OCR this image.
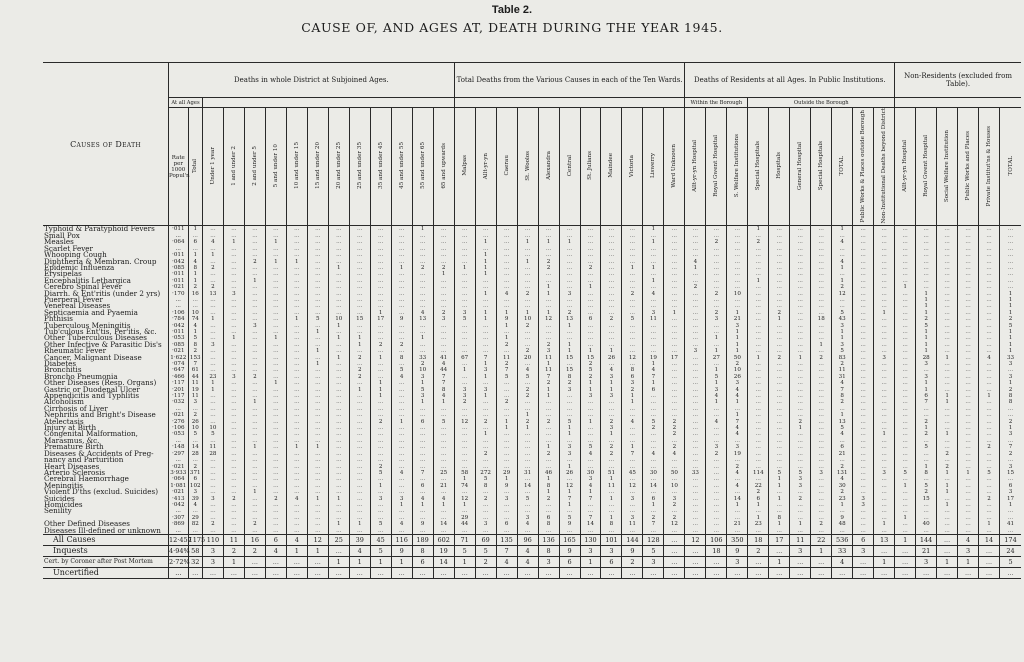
Table 2.
CAUSE OF, AND AGES AT, DEATH DURING THE YEAR 1945.
Causes of Death	Deaths in whole District at Subjoined Ages.														Total Deaths from the Various Causes in each of the Ten Wards.											Deaths of Residents at all Ages. In Public Institutions.										Non-Residents (excluded from Table).					
	At all Ages																									Within the Borough			Outside the Borough												
	Rate per 1000 Popul'n	Total	Under 1 year	1 and under 2	2 and under 5	5 and under 10	10 and under 15	15 and under 20	20 and under 25	25 and under 35	35 and under 45	45 and under 55	55 and under 65	65 and upwards	Malpas	Allt-yr-yn	Caerau	St. Woolos	Alexandra	Central	St. Julians	Maindee	Victoria	Liswerry	Ward Unknown	Allt-yr-yn Hospital	Royal Gwent Hospital	S. Welfare Institutions	Special Hospitals	Hospitals	General Hospital	Special Hospitals	TOTAL	Public Works & Places outside Borough	Non-Institutional Deaths beyond District	Allt-yr-yn Hospital	Royal Gwent Hospital	Social Welfare Institution	Public Works and Places	Private Institut'ns & Houses	TOTAL
Typhoid & Paratyphoid Fevers	·011	1	...	...	...	...	...	...	...	...	...	...	1	...	...	...	...	...	...	...	...	...	...	1	...	...	...	...	1	...	...	...	1	...	...	...	...	...	...	...	...
Small Pox	...	...	...	...	...	...	...	...	...	...	...	...	...	...	...	...	...	...	...	...	...	...	...	...	...	...	...	...	...	...	...	...	...	...	...	...	...	...	...	...	...
Measles	·064	6	4	1	...	1	...	...	...	...	...	...	...	...	...	1	...	1	1	1	...	...	...	1	...	...	2	...	2	...	...	...	4	...	...	...	...	...	...	...	...
Scarlet Fever	...	...	...	...	...	...	...	...	...	...	...	...	...	...	...	...	...	...	...	...	...	...	...	...	...	...	...	...	...	...	...	...	...	...	...	...	...	...	...	...	...
Whooping Cough	·011	1	1	...	...	...	...	...	...	...	...	...	...	...	...	1	...	...	...	...	...	...	...	...	...	...	...	...	...	...	...	...	...	...	...	...	...	...	...	...	...
Diphtheria & Membran. Croup	·042	4	...	...	2	1	1	...	...	...	...	...	...	...	...	1	...	1	2	...	...	...	...	...	...	4	...	...	...	...	...	...	4	...	...	...	...	...	...	...	...
Epidemic Influenza	·085	8	2	...	...	...	...	...	1	...	...	1	2	2	1	1	...	...	2	...	2	...	1	1	...	1	...	...	...	...	...	...	1	...	...	...	...	...	...	...	...
Erysipelas	·011	1	...	...	...	...	...	...	...	...	...	...	...	1	...	1	...	...	...	...	...	...	...	...	...	...	...	...	...	...	...	...	...	...	...	...	...	...	...	...	...
Encephalitis Lethargica	·011	1	...	...	1	...	...	...	...	...	...	...	...	...	...	...	...	...	...	...	...	...	...	1	...	...	...	...	1	...	...	...	1	...	...	...	...	...	...	...	...
Cerebro Spinal Fever	·021	2	2	...	...	...	...	...	...	...	...	...	...	...	...	...	...	...	1	...	1	...	...	...	...	2	...	...	...	...	...	...	2	...	...	1	...	...	...	...	...
Diarrh. & Ent'ritis (under 2 yrs)	·170	16	13	3	...	...	...	...	...	...	...	...	...	...	...	1	4	2	1	3	...	...	2	4	...	...	2	10	...	...	...	...	12	...	...	...	1	...	...	...	1
Puerperal Fever	...	...	...	...	...	...	...	...	...	...	...	...	...	...	...	...	...	...	...	...	...	...	...	...	...	...	...	...	...	...	...	...	...	...	...	...	1	...	...	...	1
Venereal Diseases	...	...	...	...	...	...	...	...	...	...	...	...	...	...	...	...	...	...	...	...	...	...	...	...	...	...	...	...	...	...	...	...	...	...	...	...	1	...	...	...	1
Septicaemia and Pyaemia	·106	10	...	...	...	...	...	...	...	...	1	...	4	2	3	1	1	1	1	2	...	...	...	3	1	...	2	1	...	2	...	...	5	...	1	...	1	...	...	...	1
Phthisis	·784	74	1	...	...	...	1	5	10	15	17	9	13	3	5	1	9	10	12	13	6	2	5	11	...	...	3	21	...	1	...	18	43	...	...	...	2	...	...	...	2
Tuberculous Meningitis	·042	4	...	...	3	...	...	...	1	...	...	...	...	...	...	...	1	2	...	1	...	...	...	...	...	...	...	3	...	...	...	...	3	...	...	...	5	...	...	...	5
Tub'culous Ent'tis, Per'itis, &c.	·011	1	...	...	...	...	...	1	...	...	...	...	...	...	...	...	...	...	...	...	...	...	...	...	...	...	...	1	...	...	...	...	1	...	...	...	1	...	...	...	1
Other Tuberculous Diseases	·053	5	...	1	...	1	...	...	1	1	...	...	1	...	...	...	1	...	...	...	...	...	...	...	...	...	1	1	...	...	...	...	1	...	...	...	1	...	...	...	1
Other Infective & Parasitic Dis's	·085	8	3	...	...	...	...	...	...	1	2	2	...	...	...	...	2	...	2	1	...	...	...	...	...	...	...	1	...	...	...	1	3	...	...	...	1	...	...	...	1
Rheumatic Fever	·021	2	...	...	...	...	...	1	...	...	...	...	...	...	...	...	...	2	3	1	1	1	...	...	...	3	1	1	...	...	...	...	5	...	...	...	1	...	...	...	1
Cancer, Malignant Disease	1·622	153	...	...	...	...	...	...	1	2	1	8	33	41	67	7	11	20	11	15	15	26	12	19	17	...	27	50	1	2	1	2	83	...	3	...	28	1	...	4	33
Diabetes	·074	7	...	...	...	...	...	1	...	...	...	...	2	4	...	1	2	...	1	...	2	...	...	1	...	...	...	2	...	...	...	...	2	...	...	...	3	...	...	...	3
Bronchitis	·647	61	...	...	...	...	...	...	...	2	...	5	10	44	1	3	7	4	11	15	5	4	8	4	...	...	1	10	...	...	...	...	11	...	...	...	...	...	...	...	...
Broncho Pneumonia	·466	44	23	3	2	...	...	...	...	2	...	4	3	7	...	1	5	5	7	8	2	3	6	7	...	...	5	26	...	...	...	...	31	...	...	...	3	...	...	...	3
Other Diseases (Resp. Organs)	·117	11	1	...	...	1	...	...	...	...	1	...	1	7	...	...	...	...	2	2	1	1	3	1	...	...	1	3	...	...	...	...	4	...	...	...	1	...	...	...	1
Gastric or Duodenal Ulcer	·201	19	1	...	...	...	...	...	...	1	1	...	5	8	3	3	...	2	1	3	1	1	2	6	...	...	3	4	...	...	...	...	7	...	...	...	1	...	...	...	2
Appendicitis and Typhlitis	·117	11	...	...	...	...	...	...	...	...	1	...	3	4	3	1	...	2	1	...	3	3	1	...	...	...	4	4	...	...	...	...	8	...	...	...	6	1	...	1	8
Alcoholism	·032	3	...	...	1	...	...	...	...	...	...	...	1	1	2	...	2	...	...	...	...	...	1	...	...	...	1	1	...	...	...	...	2	...	...	...	7	1	...	...	8
Cirrhosis of Liver	...	...	...	...	...	...	...	...	...	...	...	...	...	...	...	...	...	...	...	...	...	...	...	...	...	...	...	...	...	...	...	...	...	...	...	...	...	...	...	...	...
Nephritis and Bright's Disease	·021	2	...	...	...	...	...	...	...	...	...	...	...	...	...	...	...	1	...	...	...	...	...	...	...	...	...	1	...	...	...	...	1	...	...	...	...	...	...	...	...
Atelectasis	·276	26	...	...	...	...	...	...	...	...	2	1	6	5	12	2	1	2	2	5	1	2	4	5	2	...	4	7	...	...	2	...	13	...	...	...	2	...	...	...	2
Injury at Birth	·106	10	10	...	...	...	...	...	...	...	...	...	...	...	...	...	1	1	...	1	...	3	...	2	2	...	...	4	...	...	1	...	5	...	...	...	1	...	...	...	1
Congenital Malformation,	·053	5	5	...	...	...	...	...	...	...	...	...	...	...	...	1	...	...	...	1	...	1	...	...	2	...	...	4	...	...	...	...	4	...	1	...	2	1	...	...	3
Marasmus, &c.	...	...	...	...	...	...	...	...	...	...	...	...	...	...	...	...	...	...	...	...	...	...	...	...	...	...	...	...	...	...	...	...	...	...	...	...	...	...	...	...	...
Premature Birth	·148	14	11	...	1	...	1	1	...	...	...	...	...	...	...	...	...	...	1	3	5	2	1	...	2	...	3	3	...	...	...	...	6	...	...	...	5	...	...	2	7
Diseases & Accidents of Preg-	·297	28	28	...	...	...	...	...	...	...	...	...	...	...	...	2	...	...	2	3	4	2	7	4	4	...	2	19	...	...	...	...	21	...	...	...	...	2	...	...	2
nancy and Parturition	...	...	...	...	...	...	...	...	...	...	...	...	...	...	...	...	...	...	...	...	...	...	...	...	...	...	...	...	...	...	...	...	...	...	...	...	...	...	...	...	...
Heart Diseases	·021	2	...	...	...	...	...	...	...	...	2	...	...	...	...	...	...	...	...	1	...	...	...	...	...	...	...	2	...	...	...	...	2	...	...	...	1	2	...	...	3
Arterio Sclerosis	3·933	371	...	...	...	...	...	...	...	...	5	4	7	25	58	272	29	31	46	26	30	51	45	30	50	33	...	4	114	5	5	3	131	...	3	5	8	1	1	5	15
Cerebral Haemorrhage	·064	6	...	...	...	...	...	...	...	...	...	...	...	...	1	5	1	...	1	...	3	1	...	...	...	...	...	...	...	1	3	...	4	...	...	...	...	...	...	...	...
Meningitis	1·081	102	...	...	...	...	...	...	...	...	1	...	6	21	74	8	9	14	8	12	4	11	12	14	10	...	...	4	22	1	3	...	30	...	...	1	5	1	...	...	6
Violent D'ths (exclud. Suicides)	·021	3	...	...	1	...	...	...	...	...	...	...	...	...	...	...	...	...	1	1	1	...	...	...	...	...	...	...	2	...	...	...	2	...	...	...	2	1	...	...	3
Suicides	·413	39	3	2	...	2	4	1	1	...	3	3	4	4	12	2	3	5	2	7	7	1	3	6	3	...	...	14	6	1	2	...	23	3	...	...	15	...	...	2	17
Homicides	·042	4	...	...	...	...	...	...	...	...	...	1	1	1	1	...	...	...	...	1	...	...	...	1	2	...	...	1	1	...	...	...	1	3	...	...	...	1	...	...	1
Senility	...	...	...	...	...	...	...	...	...	...	...	...	...	...	...	...	...	...	...	...	...	...	...	...	...	...	...	...	...	...	...	...	...	...	...	...	...	...	...	...	...
	·307	29	...	...	...	...	...	...	...	...	...	...	...	...	29	...	...	3	6	5	7	1	3	2	2	...	...	...	1	8	...	...	9	...	...	1	...	...	...	...	...
Other Defined Diseases	·869	82	2	...	2	...	...	...	1	1	5	4	9	14	44	3	6	4	8	9	14	8	11	7	12	...	...	21	23	1	1	2	48	...	1	...	40	...	...	1	41
Diseases Ill-defined or unknown	...	...	...	...	...	...	...	...	...	...	...	...	...	...	...	...	...	...	...	...	...	...	...	...	...	...	...	...	...	...	...	...	...	...	...	...	...	...	...	...	...
All Causes	12·457	1175	110	11	16	6	4	12	25	39	45	116	189	602	71	69	135	96	136	165	130	101	144	128	...	12	106	350	18	17	11	22	536	6	13	1	144	...	4	14	174
Inquests	4·94%	58	3	2	2	4	1	1	...	4	5	9	8	19	5	5	7	4	8	9	3	3	9	5	...	...	18	9	2	...	3	1	33	3	...	...	21	...	3	...	24
Cert. by Coroner after Post Mortem	2·72%	32	3	1	...	...	...	...	1	1	1	1	6	14	1	2	4	4	3	6	1	6	2	3	...	...	...	3	...	1	...	...	4	...	1	...	3	1	1	...	5
Uncertified	...	...	...	...	...	...	...	...	...	...	...	...	...	...	...	...	...	...	...	...	...	...	...	...	...	...	...	...	...	...	...	...	...	...	...	...	...	...	...	...	...
